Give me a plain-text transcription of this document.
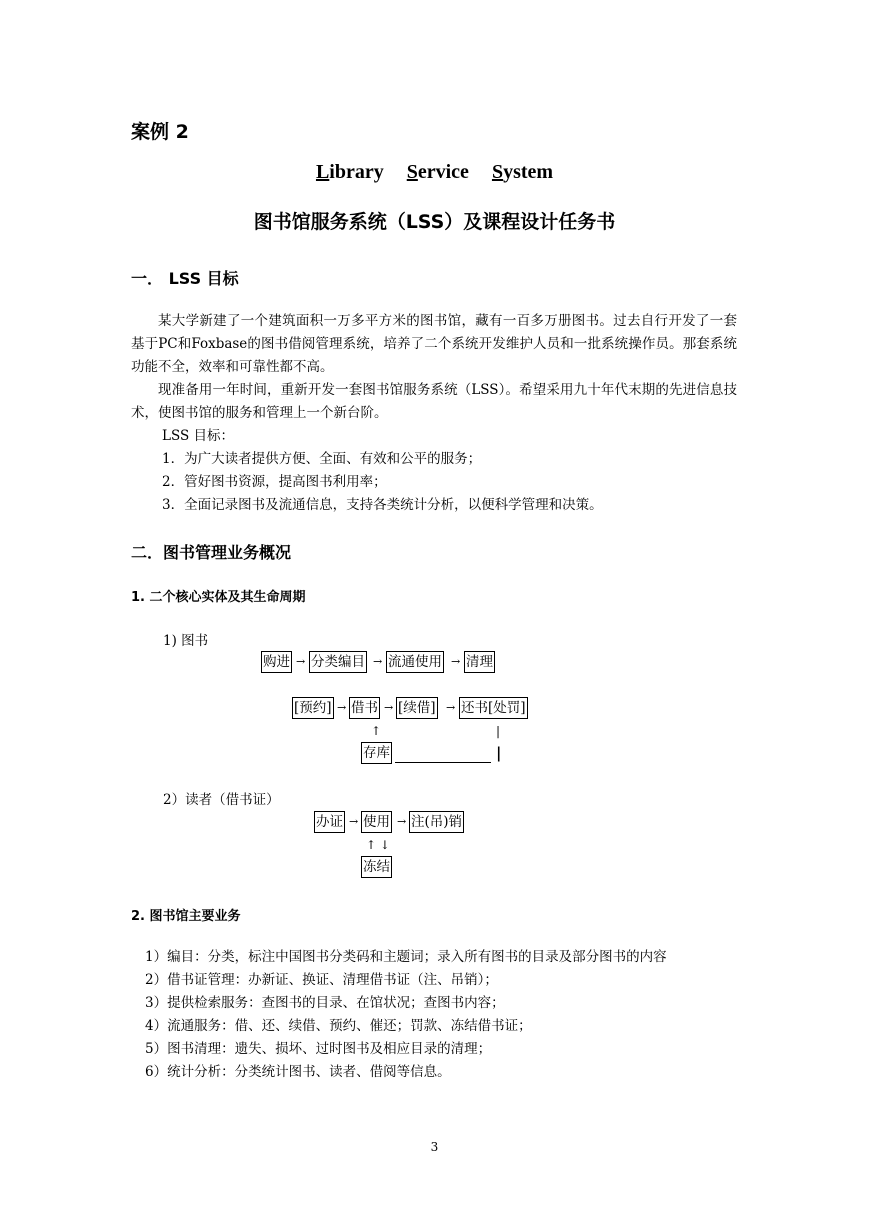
案例 2
Library Service System
图书馆服务系统（LSS）及课程设计任务书
一． LSS 目标
某大学新建了一个建筑面积一万多平方米的图书馆，藏有一百多万册图书。过去自行开发了一套基于PC和Foxbase的图书借阅管理系统，培养了二个系统开发维护人员和一批系统操作员。那套系统功能不全，效率和可靠性都不高。
现准备用一年时间，重新开发一套图书馆服务系统（LSS）。希望采用九十年代末期的先进信息技术，使图书馆的服务和管理上一个新台阶。
LSS 目标：
1．为广大读者提供方便、全面、有效和公平的服务；
2．管好图书资源，提高图书利用率；
3．全面记录图书及流通信息，支持各类统计分析，以便科学管理和决策。
二．图书管理业务概况
1. 二个核心实体及其生命周期
1) 图书
购进 → 分类编目 → 流通使用 → 清理
[预约] → 借书 → [续借] → 还书[处罚]
↑	|
存库	|
2）读者（借书证）
办证 → 使用 → 注(吊)销
↑ ↓
冻结
2. 图书馆主要业务
1）编目：分类，标注中国图书分类码和主题词；录入所有图书的目录及部分图书的内容
2）借书证管理：办新证、换证、清理借书证（注、吊销）；
3）提供检索服务：查图书的目录、在馆状况；查图书内容；
4）流通服务：借、还、续借、预约、催还；罚款、冻结借书证；
5）图书清理：遗失、损坏、过时图书及相应目录的清理；
6）统计分析：分类统计图书、读者、借阅等信息。
3
